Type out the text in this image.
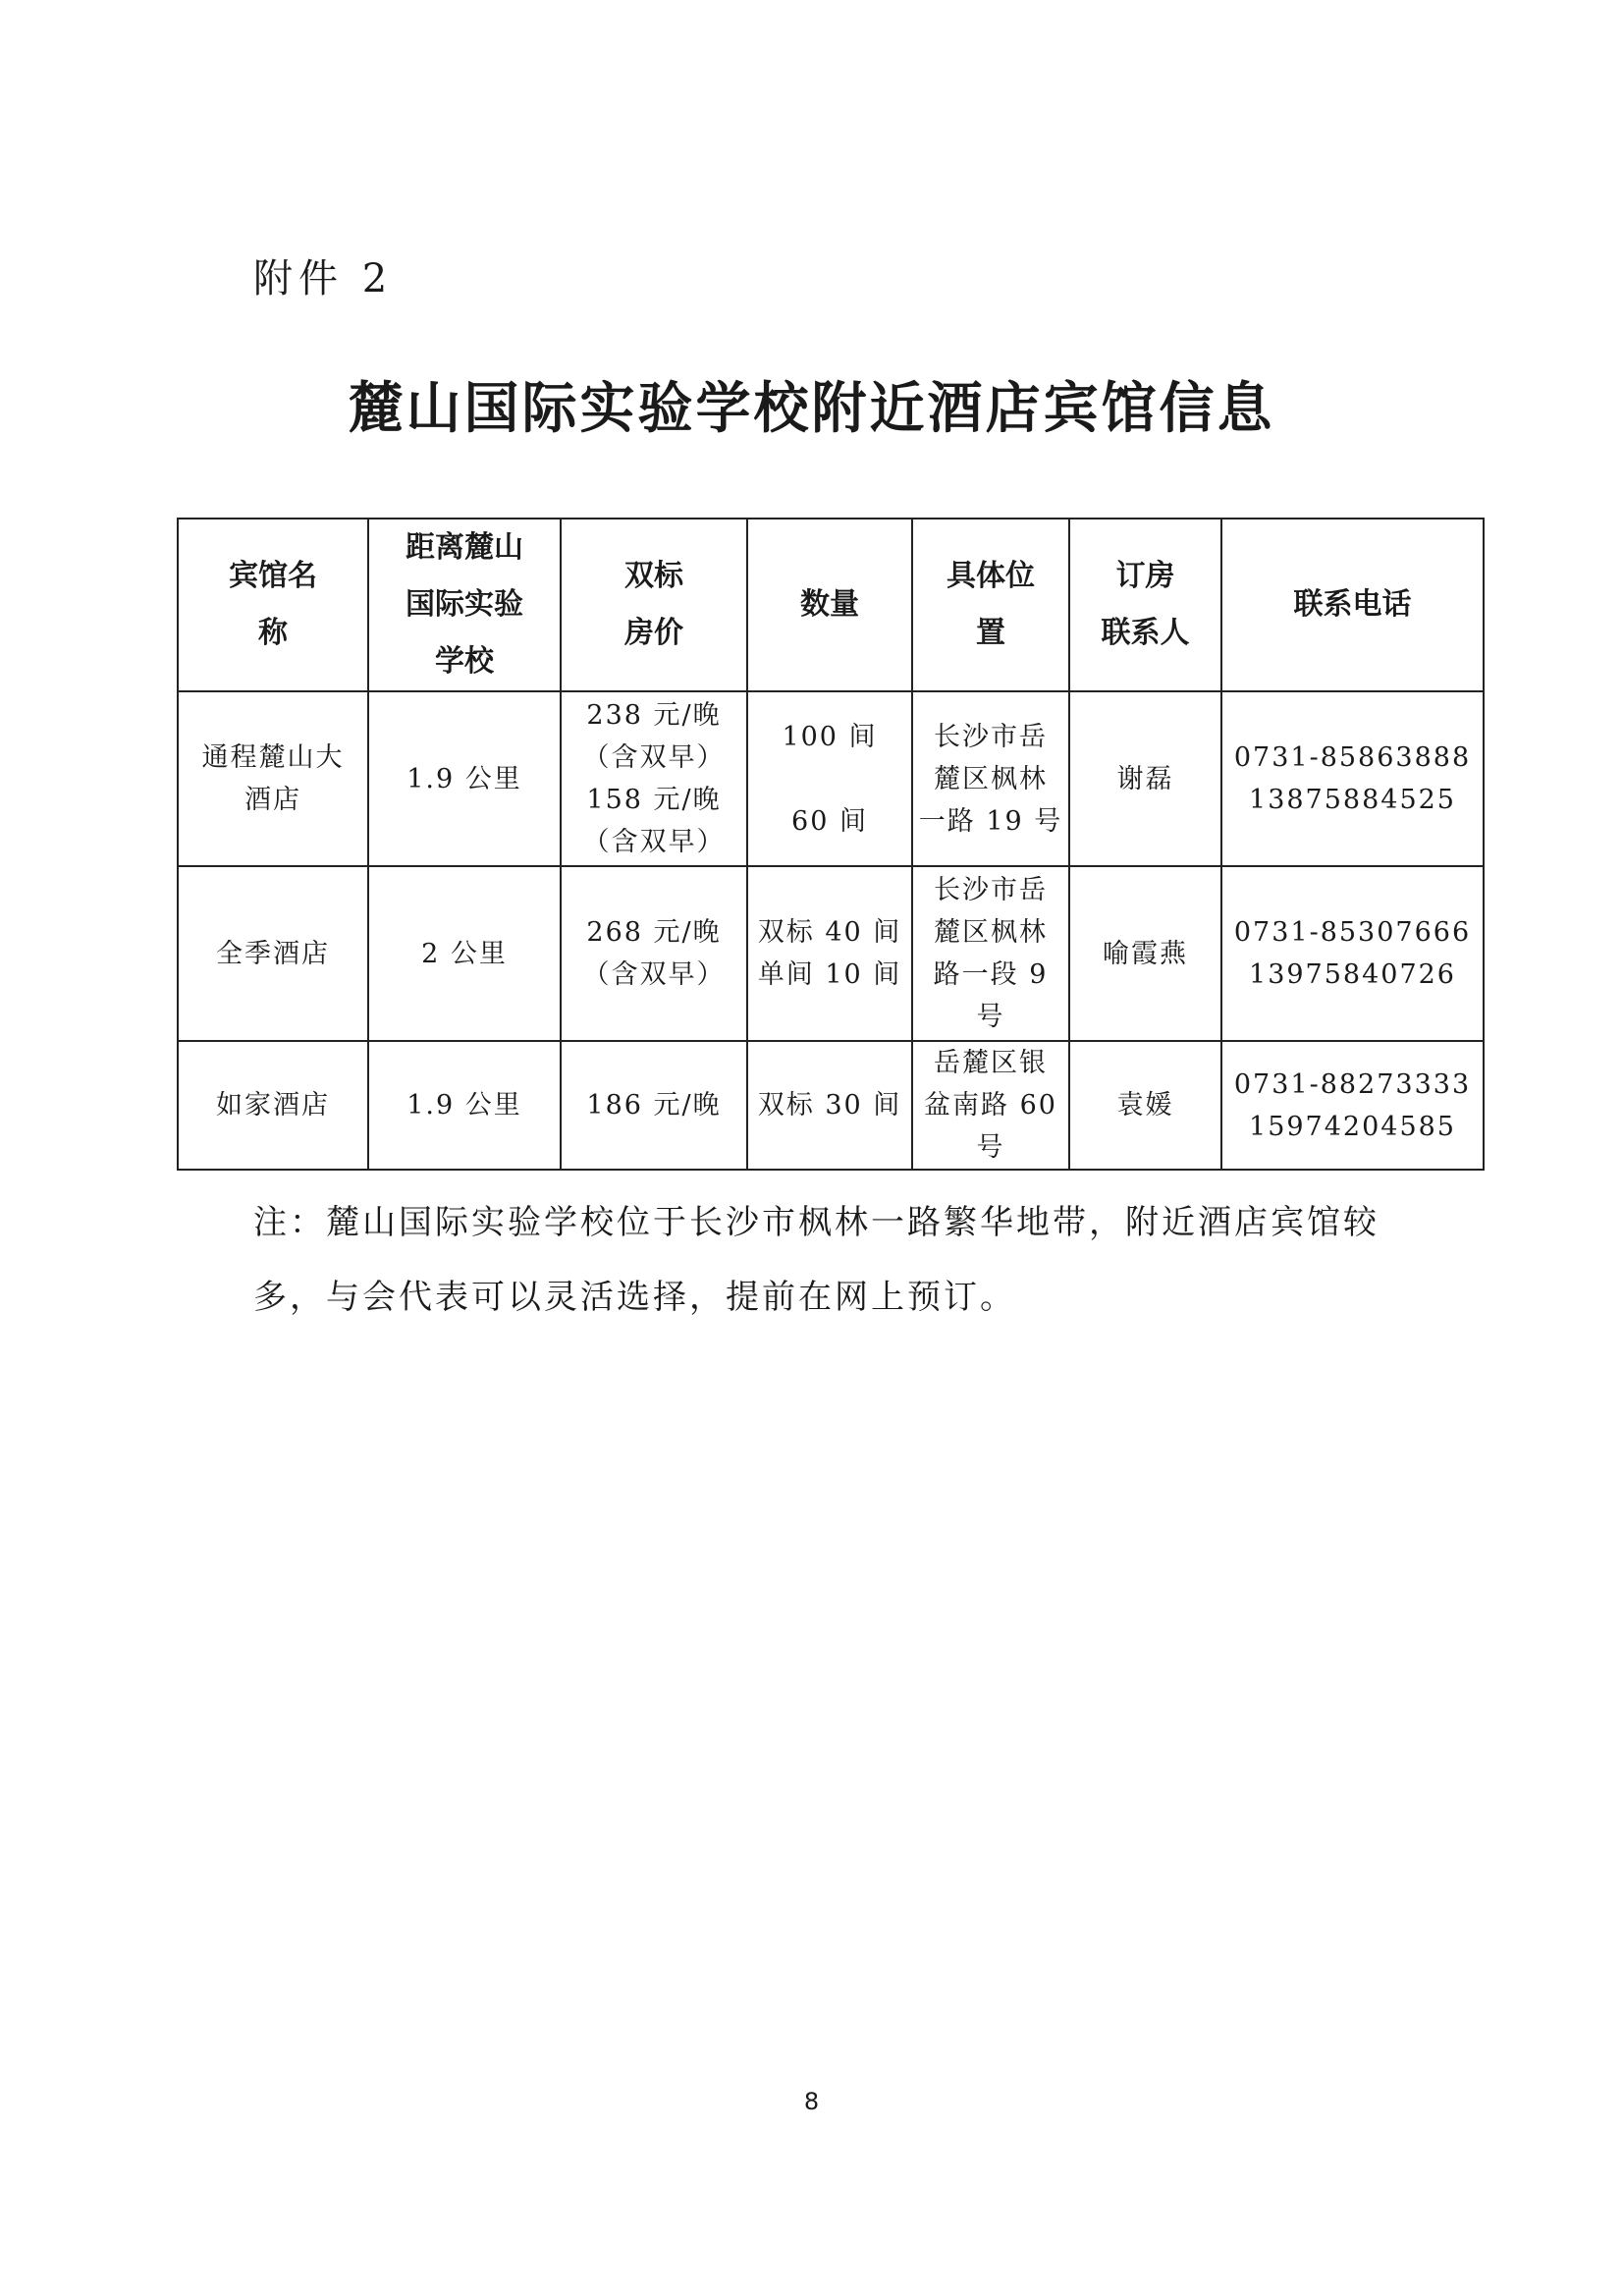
附件 2
麓山国际实验学校附近酒店宾馆信息
宾馆名
称	距离麓山
国际实验
学校	双标
房价	数量	具体位
置	订房
联系人	联系电话

通程麓山大
酒店	1.9 公里	238 元/晚
（含双早）
158 元/晚
（含双早）	100 间
60 间	长沙市岳
麓区枫林
一路 19 号	谢磊	0731-85863888
13875884525

全季酒店	2 公里	268 元/晚
（含双早）	双标 40 间
单间 10 间	长沙市岳
麓区枫林
路一段 9
号	喻霞燕	0731-85307666
13975840726

如家酒店	1.9 公里	186 元/晚	双标 30 间	岳麓区银
盆南路 60
号	袁媛	0731-88273333
15974204585
注：麓山国际实验学校位于长沙市枫林一路繁华地带，附近酒店宾馆较多，与会代表可以灵活选择，提前在网上预订。
8
